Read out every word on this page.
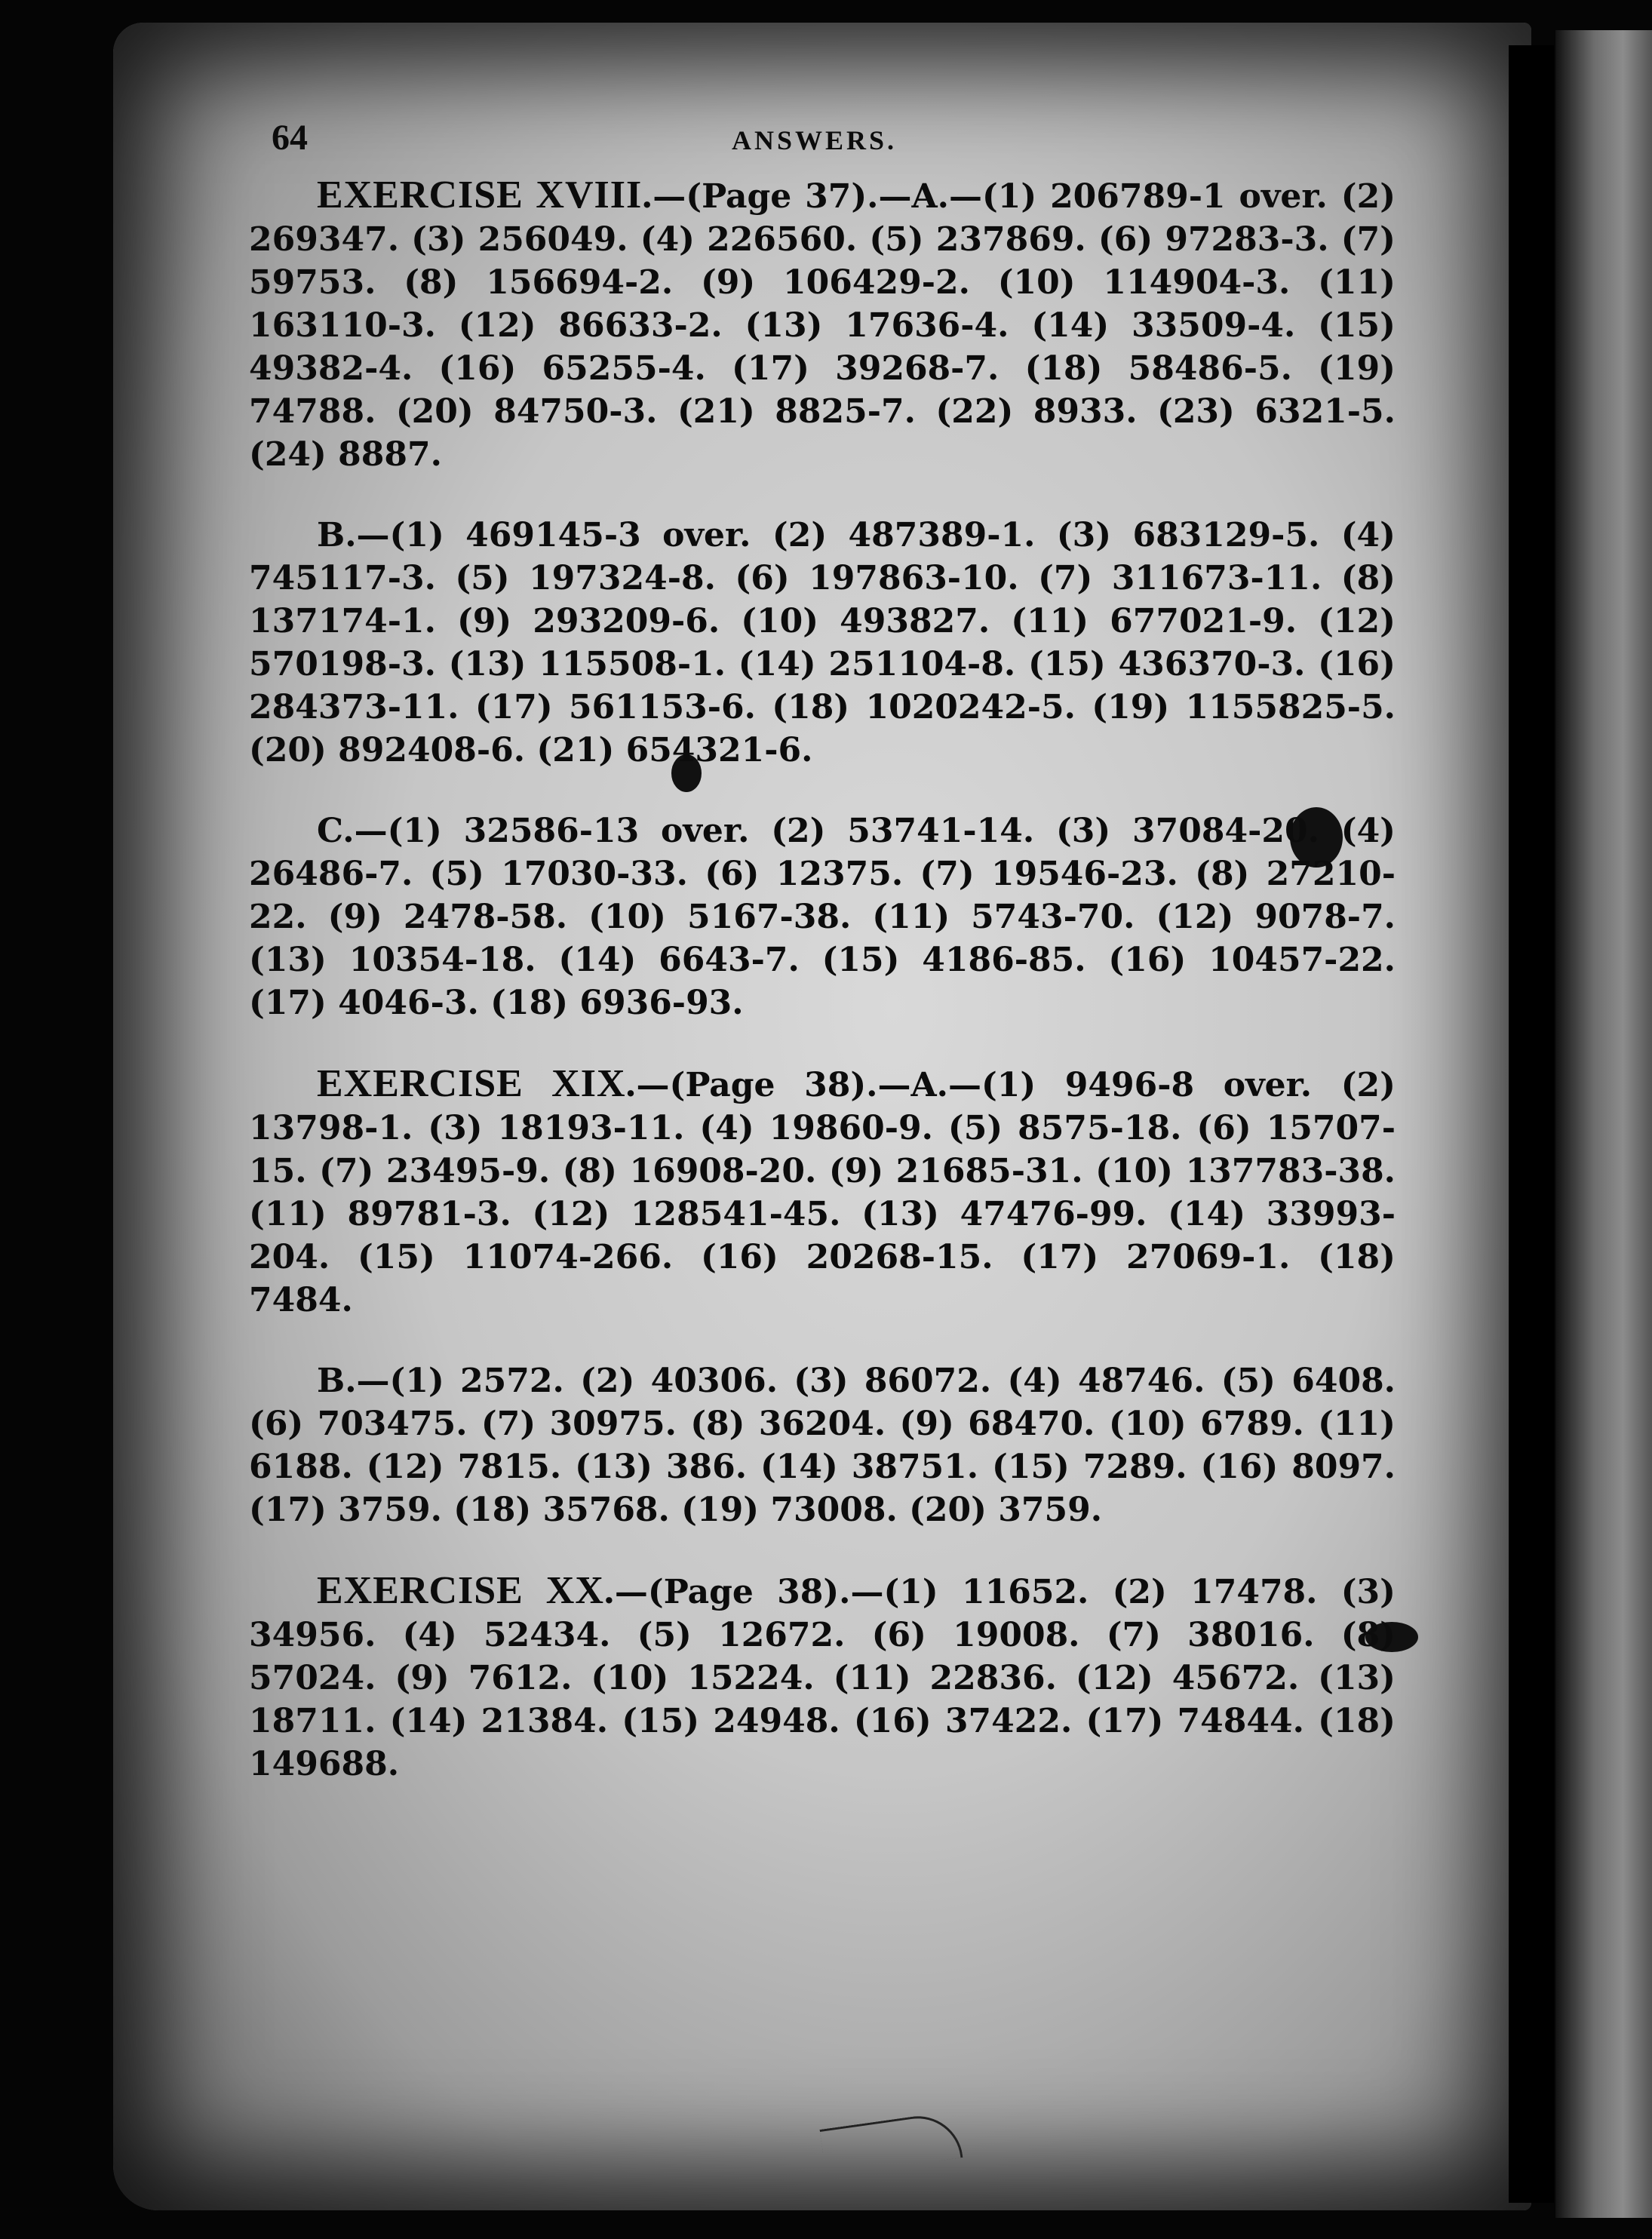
64	ANSWERS.

EXERCISE XVIII.—(Page 37).—A.—(1) 206789-1 over. (2) 269347. (3) 256049. (4) 226560. (5) 237869. (6) 97283-3. (7) 59753. (8) 156694-2. (9) 106429-2. (10) 114904-3. (11) 163110-3. (12) 86633-2. (13) 17636-4. (14) 33509-4. (15) 49382-4. (16) 65255-4. (17) 39268-7. (18) 58486-5. (19) 74788. (20) 84750-3. (21) 8825-7. (22) 8933. (23) 6321-5. (24) 8887.

B.—(1) 469145-3 over. (2) 487389-1. (3) 683129-5. (4) 745117-3. (5) 197324-8. (6) 197863-10. (7) 311673-11. (8) 137174-1. (9) 293209-6. (10) 493827. (11) 677021-9. (12) 570198-3. (13) 115508-1. (14) 251104-8. (15) 436370-3. (16) 284373-11. (17) 561153-6. (18) 1020242-5. (19) 1155825-5. (20) 892408-6. (21) 654321-6.

C.—(1) 32586-13 over. (2) 53741-14. (3) 37084-20. (4) 26486-7. (5) 17030-33. (6) 12375. (7) 19546-23. (8) 27210-22. (9) 2478-58. (10) 5167-38. (11) 5743-70. (12) 9078-7. (13) 10354-18. (14) 6643-7. (15) 4186-85. (16) 10457-22. (17) 4046-3. (18) 6936-93.

EXERCISE XIX.—(Page 38).—A.—(1) 9496-8 over. (2) 13798-1. (3) 18193-11. (4) 19860-9. (5) 8575-18. (6) 15707-15. (7) 23495-9. (8) 16908-20. (9) 21685-31. (10) 137783-38. (11) 89781-3. (12) 128541-45. (13) 47476-99. (14) 33993-204. (15) 11074-266. (16) 20268-15. (17) 27069-1. (18) 7484.

B.—(1) 2572. (2) 40306. (3) 86072. (4) 48746. (5) 6408. (6) 703475. (7) 30975. (8) 36204. (9) 68470. (10) 6789. (11) 6188. (12) 7815. (13) 386. (14) 38751. (15) 7289. (16) 8097. (17) 3759. (18) 35768. (19) 73008. (20) 3759.

EXERCISE XX.—(Page 38).—(1) 11652. (2) 17478. (3) 34956. (4) 52434. (5) 12672. (6) 19008. (7) 38016. (8) 57024. (9) 7612. (10) 15224. (11) 22836. (12) 45672. (13) 18711. (14) 21384. (15) 24948. (16) 37422. (17) 74844. (18) 149688.
